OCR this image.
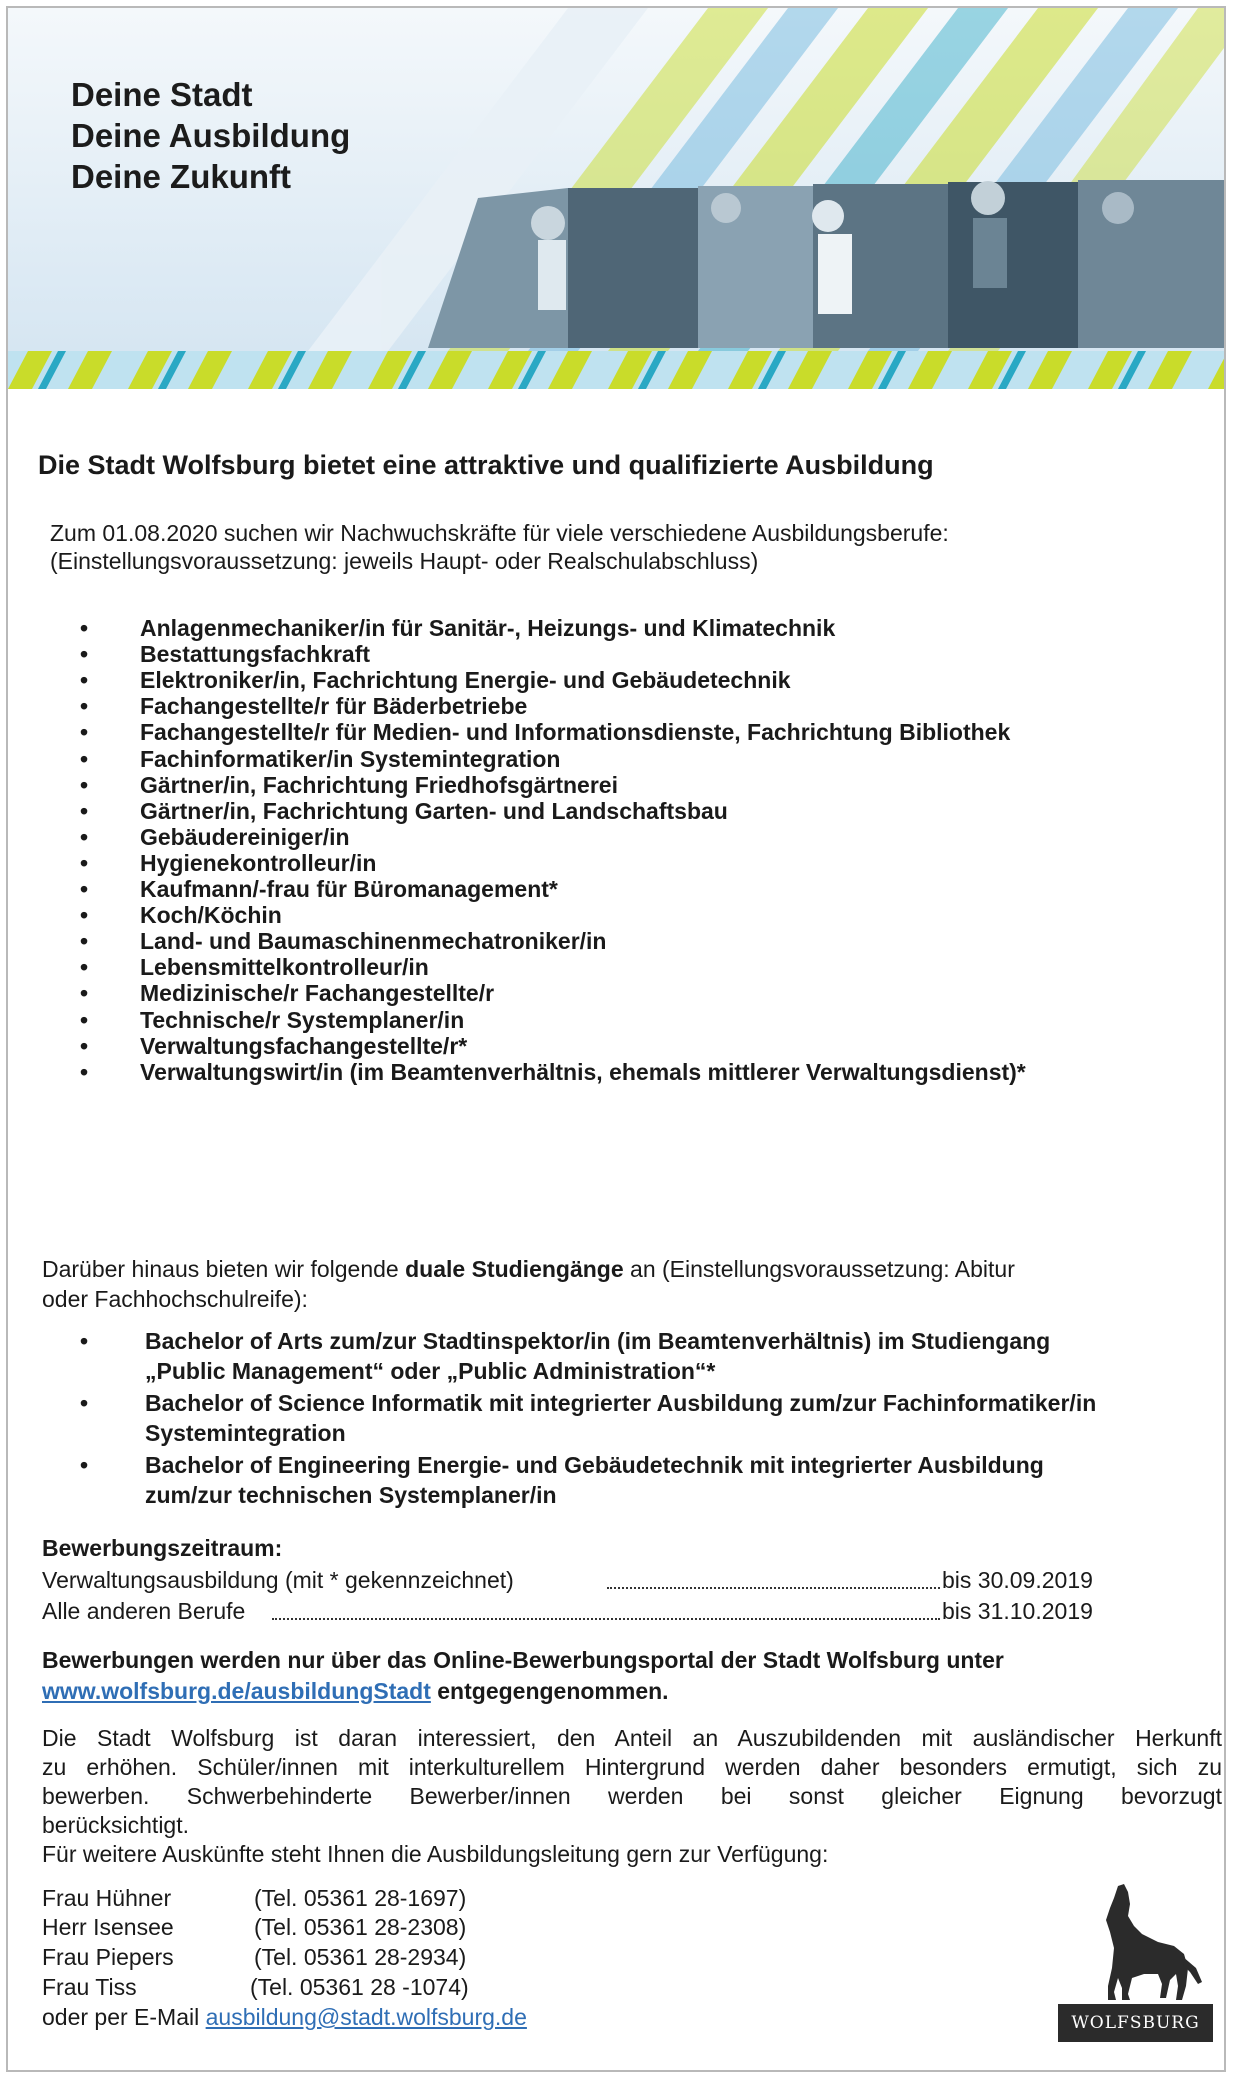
Deine Stadt
Deine Ausbildung
Deine Zukunft
Die Stadt Wolfsburg bietet eine attraktive und qualifizierte Ausbildung
Zum 01.08.2020 suchen wir Nachwuchskräfte für viele verschiedene Ausbildungsberufe:
(Einstellungsvoraussetzung: jeweils Haupt- oder Realschulabschluss)
• Anlagenmechaniker/in für Sanitär-, Heizungs- und Klimatechnik
• Bestattungsfachkraft
• Elektroniker/in, Fachrichtung Energie- und Gebäudetechnik
• Fachangestellte/r für Bäderbetriebe
• Fachangestellte/r für Medien- und Informationsdienste, Fachrichtung Bibliothek
• Fachinformatiker/in Systemintegration
• Gärtner/in, Fachrichtung Friedhofsgärtnerei
• Gärtner/in, Fachrichtung Garten- und Landschaftsbau
• Gebäudereiniger/in
• Hygienekontrolleur/in
• Kaufmann/-frau für Büromanagement*
• Koch/Köchin
• Land- und Baumaschinenmechatroniker/in
• Lebensmittelkontrolleur/in
• Medizinische/r Fachangestellte/r
• Technische/r Systemplaner/in
• Verwaltungsfachangestellte/r*
• Verwaltungswirt/in (im Beamtenverhältnis, ehemals mittlerer Verwaltungsdienst)*
Darüber hinaus bieten wir folgende duale Studiengänge an (Einstellungsvoraussetzung: Abitur
oder Fachhochschulreife):
• Bachelor of Arts zum/zur Stadtinspektor/in (im Beamtenverhältnis) im Studiengang
„Public Management“ oder „Public Administration“*
• Bachelor of Science Informatik mit integrierter Ausbildung zum/zur Fachinformatiker/in
Systemintegration
• Bachelor of Engineering Energie- und Gebäudetechnik mit integrierter Ausbildung
zum/zur technischen Systemplaner/in
Bewerbungszeitraum:
Verwaltungsausbildung (mit * gekennzeichnet)	bis 30.09.2019
Alle anderen Berufe	bis 31.10.2019
Bewerbungen werden nur über das Online-Bewerbungsportal der Stadt Wolfsburg unter
www.wolfsburg.de/ausbildungStadt entgegengenommen.
Die Stadt Wolfsburg ist daran interessiert, den Anteil an Auszubildenden mit ausländischer Herkunft
zu erhöhen. Schüler/innen mit interkulturellem Hintergrund werden daher besonders ermutigt, sich zu
bewerben. Schwerbehinderte Bewerber/innen werden bei sonst gleicher Eignung bevorzugt
berücksichtigt.
Für weitere Auskünfte steht Ihnen die Ausbildungsleitung gern zur Verfügung:
Frau Hühner	(Tel. 05361 28-1697)
Herr Isensee	(Tel. 05361 28-2308)
Frau Piepers	(Tel. 05361 28-2934)
Frau Tiss	(Tel. 05361 28 -1074)
oder per E-Mail ausbildung@stadt.wolfsburg.de	WOLFSBURG
